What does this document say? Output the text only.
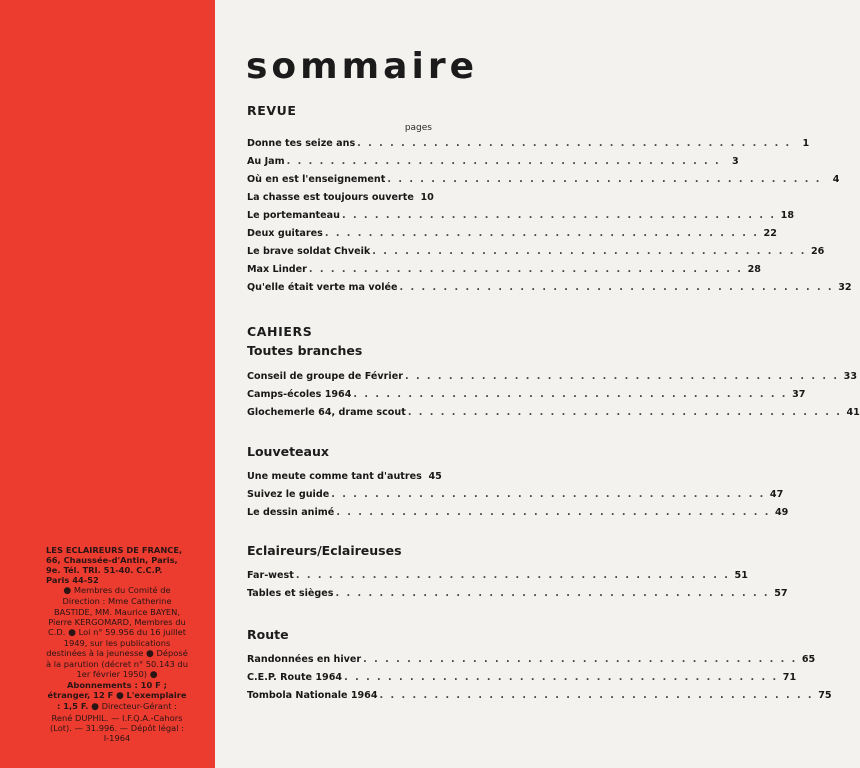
LES ECLAIREURS DE FRANCE, 66, Chaussée-d'Antin, Paris, 9e. Tél. TRI. 51-40. C.C.P. Paris 44-52
● Membres du Comité de Direction : Mme Catherine BASTIDE, MM. Maurice BAYEN, Pierre KERGOMARD, Membres du C.D. ● Loi n° 59.956 du 16 juillet 1949, sur les publications destinées à la jeunesse ● Déposé à la parution (décret n° 50.143 du 1er février 1950) ● Abonnements : 10 F ; étranger, 12 F ● L'exemplaire : 1,5 F. ● Directeur-Gérant : René DUPHIL. — I.F.Q.A.-Cahors (Lot). — 31.996. — Dépôt légal : I-1964
sommaire
REVUE
pages
Donne tes seize ans . . .	1
Au Jam . . .	3
Où en est l'enseignement . . .	4
La chasse est toujours ouverte 10
Le portemanteau . . .	18
Deux guitares . . .	22
Le brave soldat Chveik . . .	26
Max Linder . . .	28
Qu'elle était verte ma volée . . .	32
CAHIERS
Toutes branches
Conseil de groupe de Février . . .	33
Camps-écoles 1964 . . .	37
Glochemerle 64, drame scout . . .	41
Louveteaux
Une meute comme tant d'autres 45
Suivez le guide . . .	47
Le dessin animé . . .	49
Eclaireurs/Eclaireuses
Far-west . . .	51
Tables et sièges . . .	57
Route
Randonnées en hiver . . .	65
C.E.P. Route 1964 . . .	71
Tombola Nationale 1964 . . .	75
